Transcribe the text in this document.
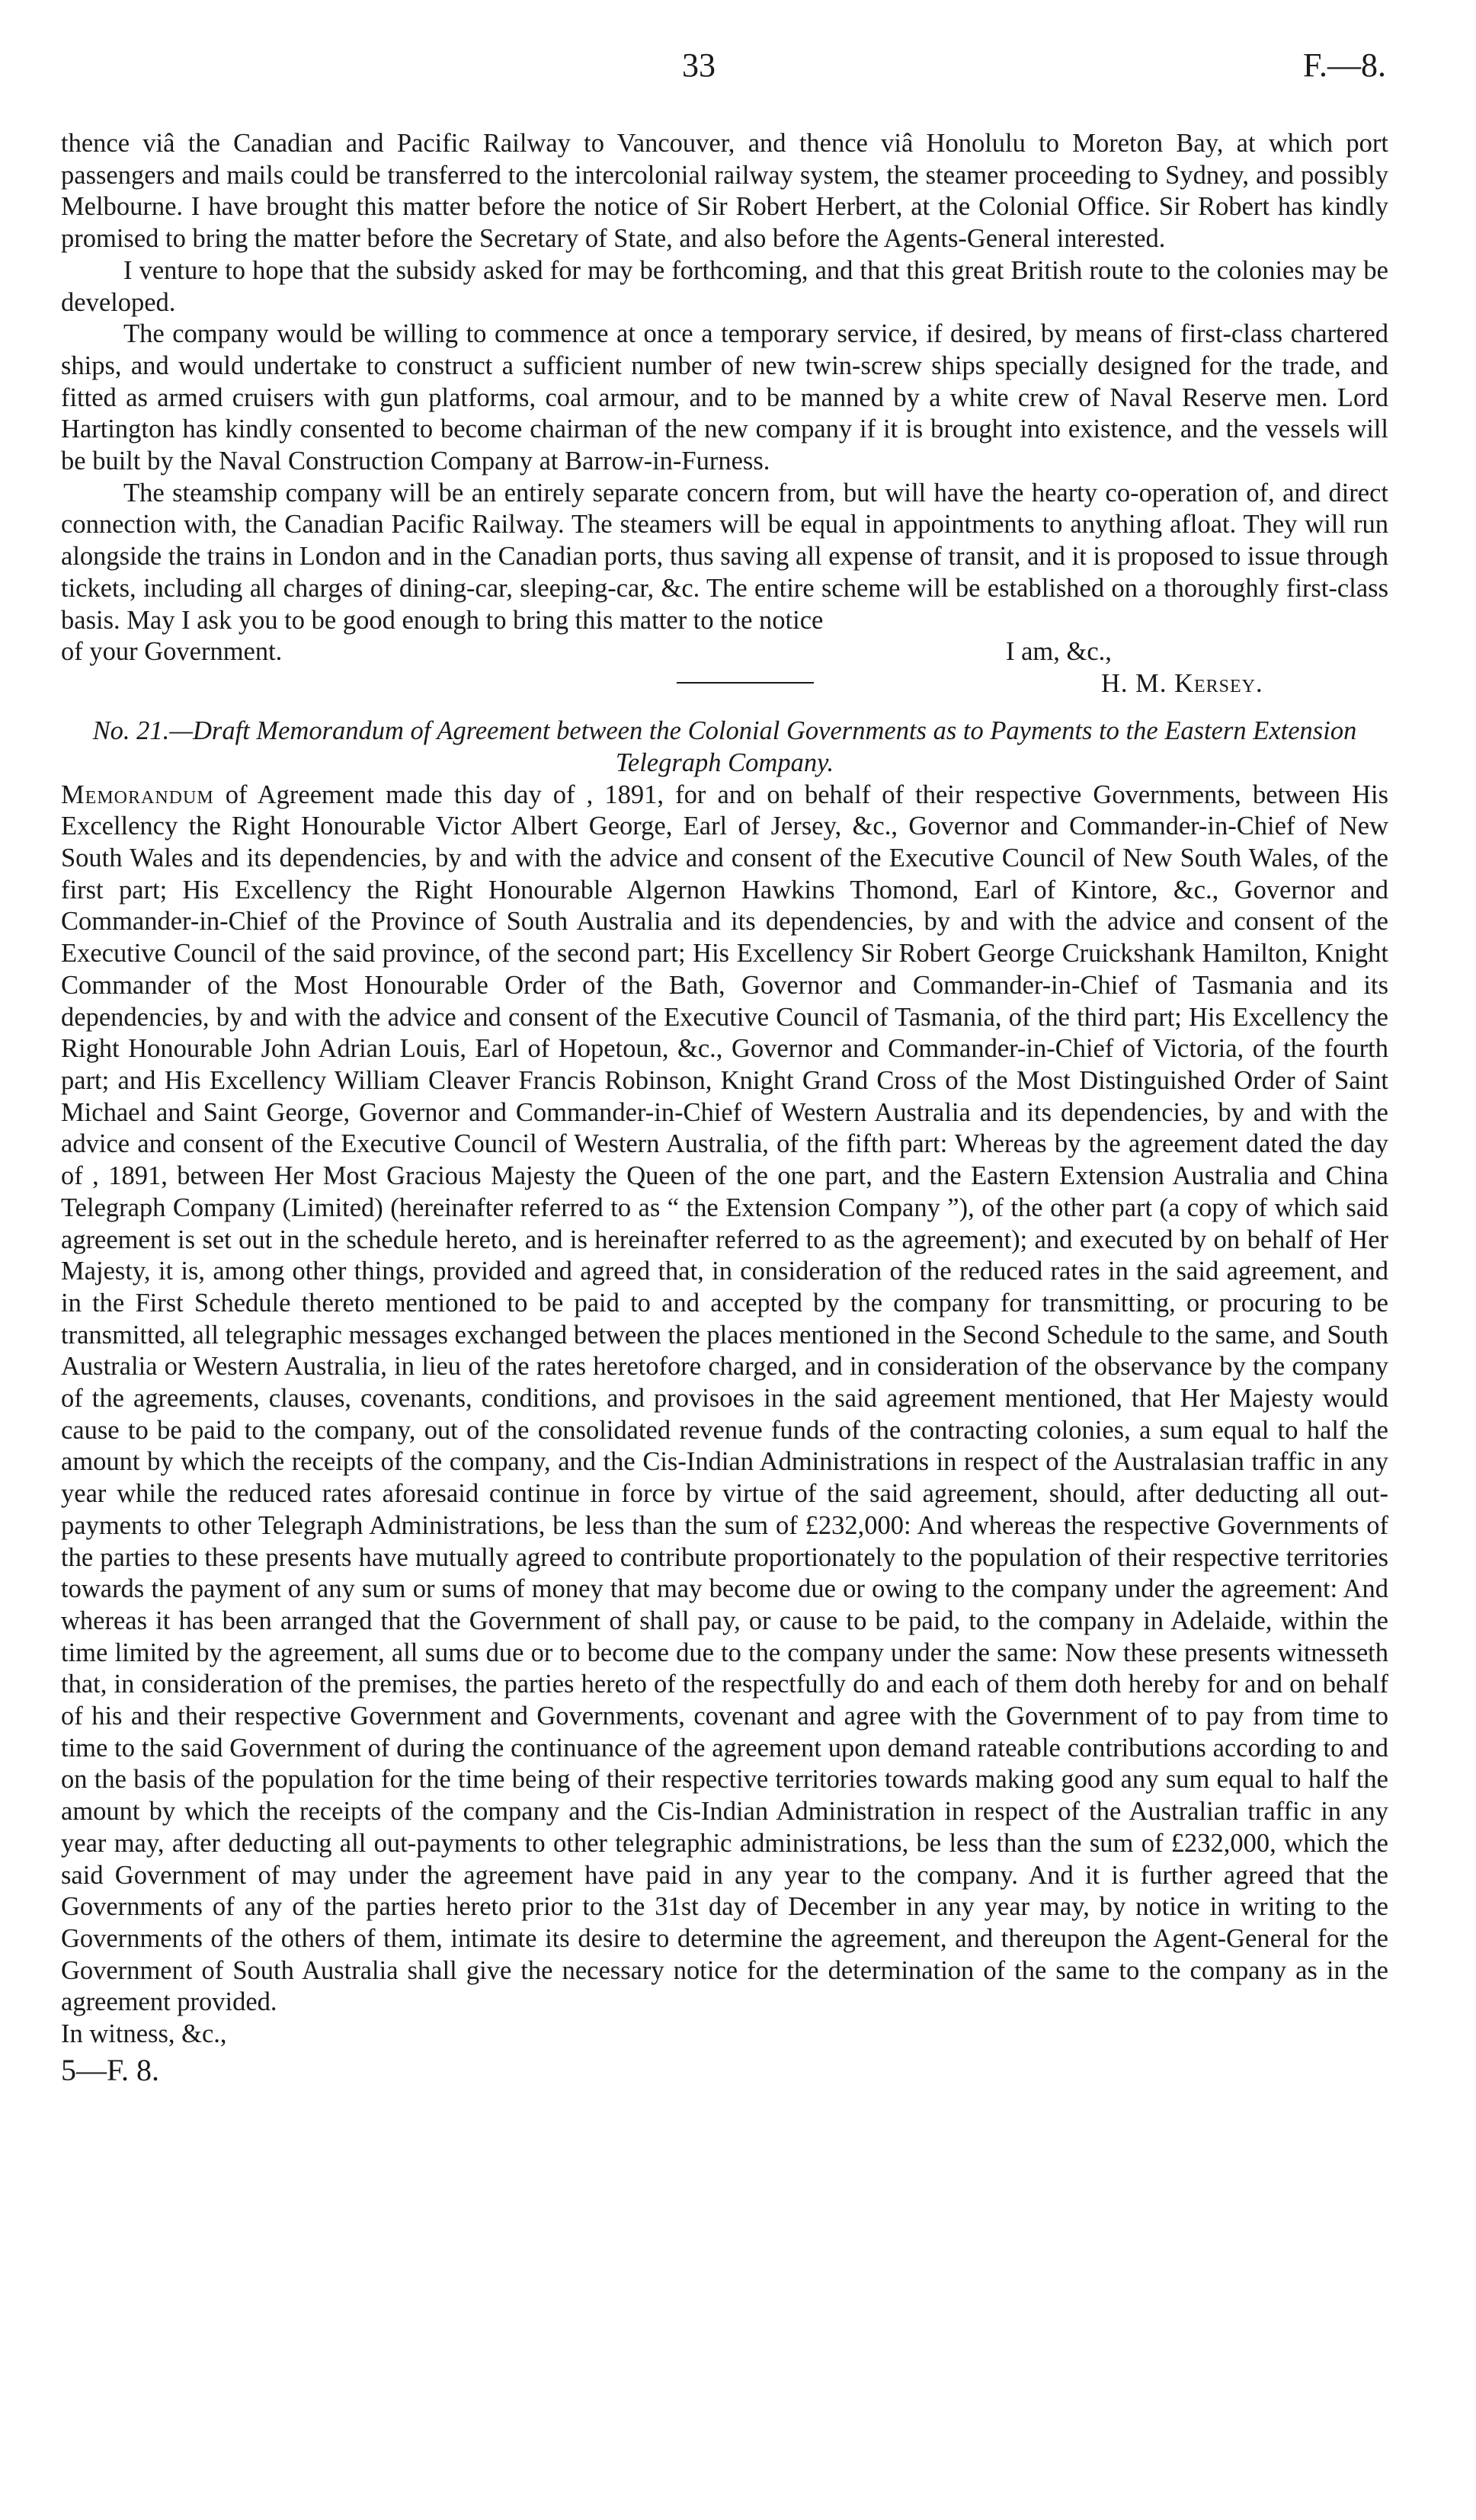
33	F.—8.

thence viâ the Canadian and Pacific Railway to Vancouver, and thence viâ Honolulu to Moreton Bay, at which port passengers and mails could be transferred to the intercolonial railway system, the steamer proceeding to Sydney, and possibly Melbourne. I have brought this matter before the notice of Sir Robert Herbert, at the Colonial Office. Sir Robert has kindly promised to bring the matter before the Secretary of State, and also before the Agents-General interested.

I venture to hope that the subsidy asked for may be forthcoming, and that this great British route to the colonies may be developed.

The company would be willing to commence at once a temporary service, if desired, by means of first-class chartered ships, and would undertake to construct a sufficient number of new twin-screw ships specially designed for the trade, and fitted as armed cruisers with gun platforms, coal armour, and to be manned by a white crew of Naval Reserve men. Lord Hartington has kindly consented to become chairman of the new company if it is brought into existence, and the vessels will be built by the Naval Construction Company at Barrow-in-Furness.

The steamship company will be an entirely separate concern from, but will have the hearty co-operation of, and direct connection with, the Canadian Pacific Railway. The steamers will be equal in appointments to anything afloat. They will run alongside the trains in London and in the Canadian ports, thus saving all expense of transit, and it is proposed to issue through tickets, including all charges of dining-car, sleeping-car, &c. The entire scheme will be established on a thoroughly first-class basis. May I ask you to be good enough to bring this matter to the notice

of your Government.	I am, &c.,
H. M. Kersey.
No. 21.—Draft Memorandum of Agreement between the Colonial Governments as to Payments to the Eastern Extension Telegraph Company.

Memorandum of Agreement made this day of , 1891, for and on behalf of their respective Governments, between His Excellency the Right Honourable Victor Albert George, Earl of Jersey, &c., Governor and Commander-in-Chief of New South Wales and its dependencies, by and with the advice and consent of the Executive Council of New South Wales, of the first part; His Excellency the Right Honourable Algernon Hawkins Thomond, Earl of Kintore, &c., Governor and Commander-in-Chief of the Province of South Australia and its dependencies, by and with the advice and consent of the Executive Council of the said province, of the second part; His Excellency Sir Robert George Cruickshank Hamilton, Knight Commander of the Most Honourable Order of the Bath, Governor and Commander-in-Chief of Tasmania and its dependencies, by and with the advice and consent of the Executive Council of Tasmania, of the third part; His Excellency the Right Honourable John Adrian Louis, Earl of Hopetoun, &c., Governor and Commander-in-Chief of Victoria, of the fourth part; and His Excellency William Cleaver Francis Robinson, Knight Grand Cross of the Most Distinguished Order of Saint Michael and Saint George, Governor and Commander-in-Chief of Western Australia and its dependencies, by and with the advice and consent of the Executive Council of Western Australia, of the fifth part: Whereas by the agreement dated the day of , 1891, between Her Most Gracious Majesty the Queen of the one part, and the Eastern Extension Australia and China Telegraph Company (Limited) (hereinafter referred to as “ the Extension Company ”), of the other part (a copy of which said agreement is set out in the schedule hereto, and is hereinafter referred to as the agreement); and executed by on behalf of Her Majesty, it is, among other things, provided and agreed that, in consideration of the reduced rates in the said agreement, and in the First Schedule thereto mentioned to be paid to and accepted by the company for transmitting, or procuring to be transmitted, all telegraphic messages exchanged between the places mentioned in the Second Schedule to the same, and South Australia or Western Australia, in lieu of the rates heretofore charged, and in consideration of the observance by the company of the agreements, clauses, covenants, conditions, and provisoes in the said agreement mentioned, that Her Majesty would cause to be paid to the company, out of the consolidated revenue funds of the contracting colonies, a sum equal to half the amount by which the receipts of the company, and the Cis-Indian Administrations in respect of the Australasian traffic in any year while the reduced rates aforesaid continue in force by virtue of the said agreement, should, after deducting all out-payments to other Telegraph Administrations, be less than the sum of £232,000: And whereas the respective Governments of the parties to these presents have mutually agreed to contribute proportionately to the population of their respective territories towards the payment of any sum or sums of money that may become due or owing to the company under the agreement: And whereas it has been arranged that the Government of shall pay, or cause to be paid, to the company in Adelaide, within the time limited by the agreement, all sums due or to become due to the company under the same: Now these presents witnesseth that, in consideration of the premises, the parties hereto of the respectfully do and each of them doth hereby for and on behalf of his and their respective Government and Governments, covenant and agree with the Government of to pay from time to time to the said Government of during the continuance of the agreement upon demand rateable contributions according to and on the basis of the population for the time being of their respective territories towards making good any sum equal to half the amount by which the receipts of the company and the Cis-Indian Administration in respect of the Australian traffic in any year may, after deducting all out-payments to other telegraphic administrations, be less than the sum of £232,000, which the said Government of may under the agreement have paid in any year to the company. And it is further agreed that the Governments of any of the parties hereto prior to the 31st day of December in any year may, by notice in writing to the Governments of the others of them, intimate its desire to determine the agreement, and thereupon the Agent-General for the Government of South Australia shall give the necessary notice for the determination of the same to the company as in the agreement provided.

In witness, &c.,

5—F. 8.
